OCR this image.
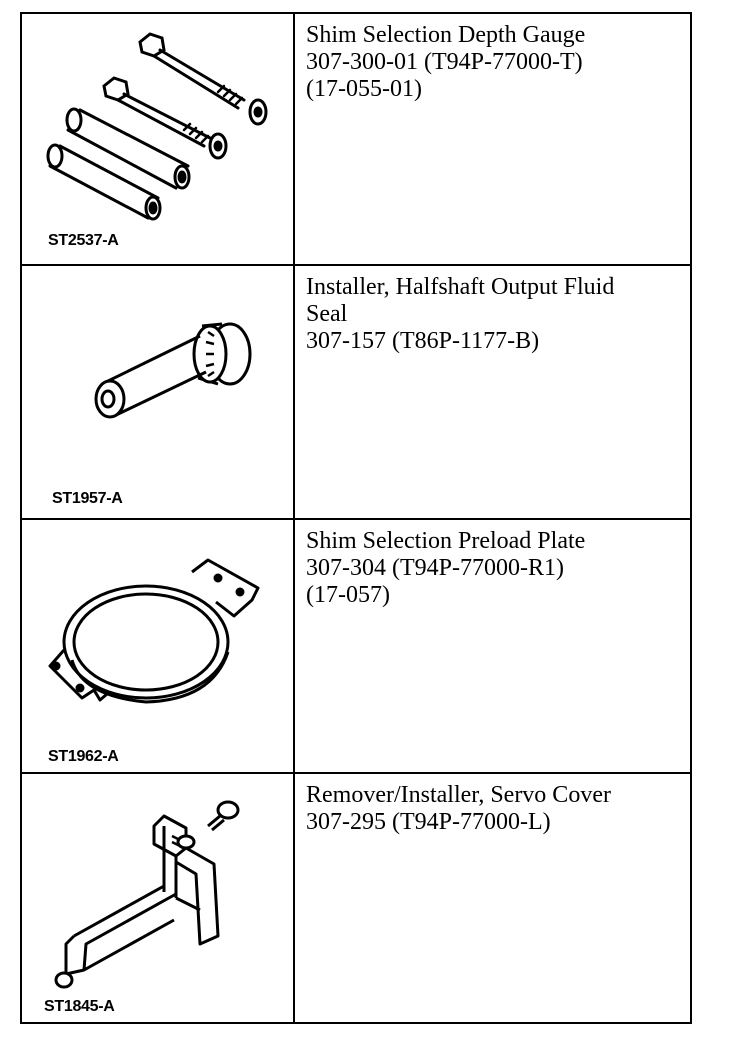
ST2537-A
Shim Selection Depth Gauge
307-300-01 (T94P-77000-T)
(17-055-01)
ST1957-A
Installer, Halfshaft Output Fluid
Seal
307-157 (T86P-1177-B)
ST1962-A
Shim Selection Preload Plate
307-304 (T94P-77000-R1)
(17-057)
ST1845-A
Remover/Installer, Servo Cover
307-295 (T94P-77000-L)
